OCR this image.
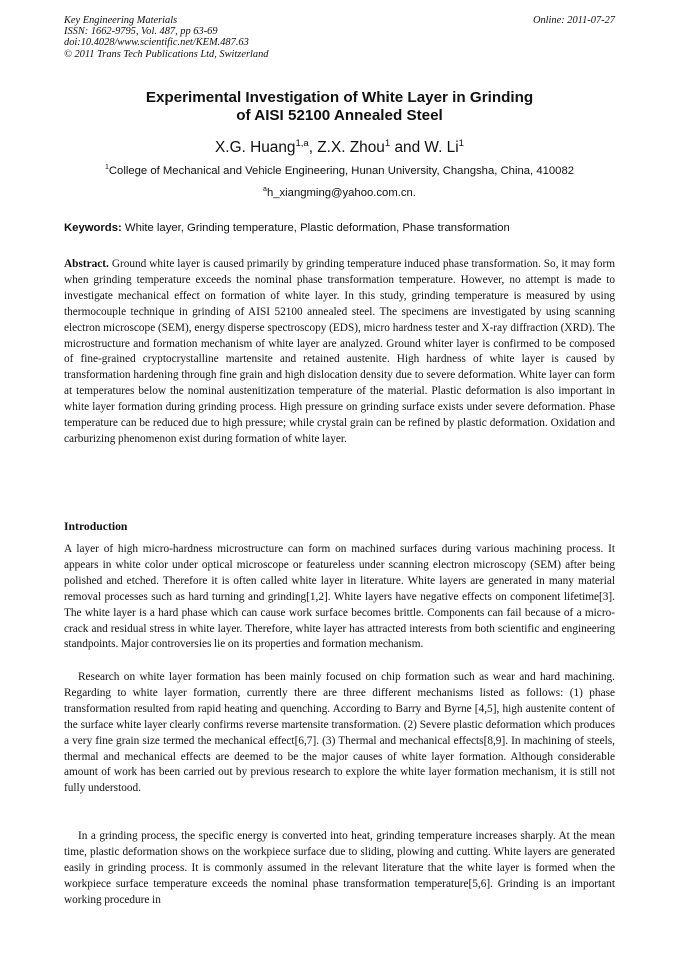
Key Engineering Materials
ISSN: 1662-9795, Vol. 487, pp 63-69
doi:10.4028/www.scientific.net/KEM.487.63
© 2011 Trans Tech Publications Ltd, Switzerland
Online: 2011-07-27
Experimental Investigation of White Layer in Grinding
of AISI 52100 Annealed Steel
X.G. Huang$^{1,a}$, Z.X. Zhou$^1$ and W. Li$^1$
$^1$College of Mechanical and Vehicle Engineering, Hunan University, Changsha, China, 410082
$^a$h_xiangming@yahoo.com.cn.
Keywords: White layer, Grinding temperature, Plastic deformation, Phase transformation
Abstract. Ground white layer is caused primarily by grinding temperature induced phase transformation. So, it may form when grinding temperature exceeds the nominal phase transformation temperature. However, no attempt is made to investigate mechanical effect on formation of white layer. In this study, grinding temperature is measured by using thermocouple technique in grinding of AISI 52100 annealed steel. The specimens are investigated by using scanning electron microscope (SEM), energy disperse spectroscopy (EDS), micro hardness tester and X-ray diffraction (XRD). The microstructure and formation mechanism of white layer are analyzed. Ground whiter layer is confirmed to be composed of fine-grained cryptocrystalline martensite and retained austenite. High hardness of white layer is caused by transformation hardening through fine grain and high dislocation density due to severe deformation. White layer can form at temperatures below the nominal austenitization temperature of the material. Plastic deformation is also important in white layer formation during grinding process. High pressure on grinding surface exists under severe deformation. Phase temperature can be reduced due to high pressure; while crystal grain can be refined by plastic deformation. Oxidation and carburizing phenomenon exist during formation of white layer.
Introduction
A layer of high micro-hardness microstructure can form on machined surfaces during various machining process. It appears in white color under optical microscope or featureless under scanning electron microscopy (SEM) after being polished and etched. Therefore it is often called white layer in literature. White layers are generated in many material removal processes such as hard turning and grinding[1,2]. White layers have negative effects on component lifetime[3]. The white layer is a hard phase which can cause work surface becomes brittle. Components can fail because of a micro-crack and residual stress in white layer. Therefore, white layer has attracted interests from both scientific and engineering standpoints. Major controversies lie on its properties and formation mechanism.
Research on white layer formation has been mainly focused on chip formation such as wear and hard machining. Regarding to white layer formation, currently there are three different mechanisms listed as follows: (1) phase transformation resulted from rapid heating and quenching. According to Barry and Byrne [4,5], high austenite content of the surface white layer clearly confirms reverse martensite transformation. (2) Severe plastic deformation which produces a very fine grain size termed the mechanical effect[6,7]. (3) Thermal and mechanical effects[8,9]. In machining of steels, thermal and mechanical effects are deemed to be the major causes of white layer formation. Although considerable amount of work has been carried out by previous research to explore the white layer formation mechanism, it is still not fully understood.
In a grinding process, the specific energy is converted into heat, grinding temperature increases sharply. At the mean time, plastic deformation shows on the workpiece surface due to sliding, plowing and cutting. White layers are generated easily in grinding process. It is commonly assumed in the relevant literature that the white layer is formed when the workpiece surface temperature exceeds the nominal phase transformation temperature[5,6]. Grinding is an important working procedure in
